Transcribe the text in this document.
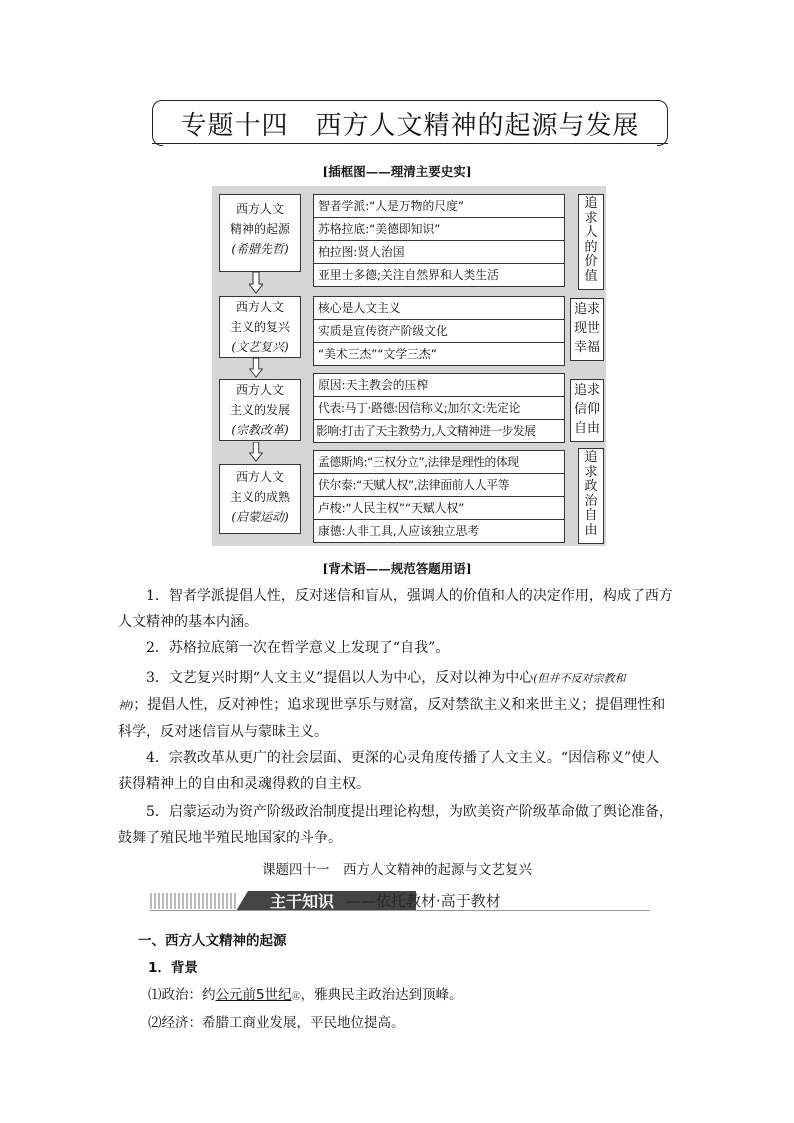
专题十四　西方人文精神的起源与发展
[插框图——理清主要史实]
西方人文
精神的起源
(希腊先哲)
智者学派:“人是万物的尺度”
苏格拉底:“美德即知识”
柏拉图:贤人治国
亚里士多德;关注自然界和人类生活
追
求
人
的
价
值
西方人文
主义的复兴
(文艺复兴)
核心是人文主义
实质是宣传资产阶级文化
“美术三杰”“文学三杰”
追求
现世
幸福
西方人文
主义的发展
(宗教改革)
原因:天主教会的压榨
代表:马丁·路德:因信称义;加尔文:先定论
影响:打击了天主教势力,人文精神进一步发展
追求
信仰
自由
西方人文
主义的成熟
(启蒙运动)
孟德斯鸠:“三权分立”,法律是理性的体现
伏尔泰:“天赋人权”,法律面前人人平等
卢梭:“人民主权”“天赋人权”
康德:人非工具,人应该独立思考
追
求
政
治
自
由
[背术语——规范答题用语]
1．智者学派提倡人性，反对迷信和盲从，强调人的价值和人的决定作用，构成了西方
人文精神的基本内涵。
2．苏格拉底第一次在哲学意义上发现了“自我”。
3．文艺复兴时期“人文主义”提倡以人为中心，反对以神为中心(但并不反对宗教和
神)；提倡人性，反对神性；追求现世享乐与财富，反对禁欲主义和来世主义；提倡理性和
科学，反对迷信盲从与蒙昧主义。
4．宗教改革从更广的社会层面、更深的心灵角度传播了人文主义。“因信称义”使人
获得精神上的自由和灵魂得救的自主权。
5．启蒙运动为资产阶级政治制度提出理论构想，为欧美资产阶级革命做了舆论准备，
鼓舞了殖民地半殖民地国家的斗争。
课题四十一　西方人文精神的起源与文艺复兴
主干知识 ——依托教材·高于教材
一、西方人文精神的起源
1．背景
⑴政治：约公元前5世纪㊣，雅典民主政治达到顶峰。
⑵经济：希腊工商业发展，平民地位提高。
